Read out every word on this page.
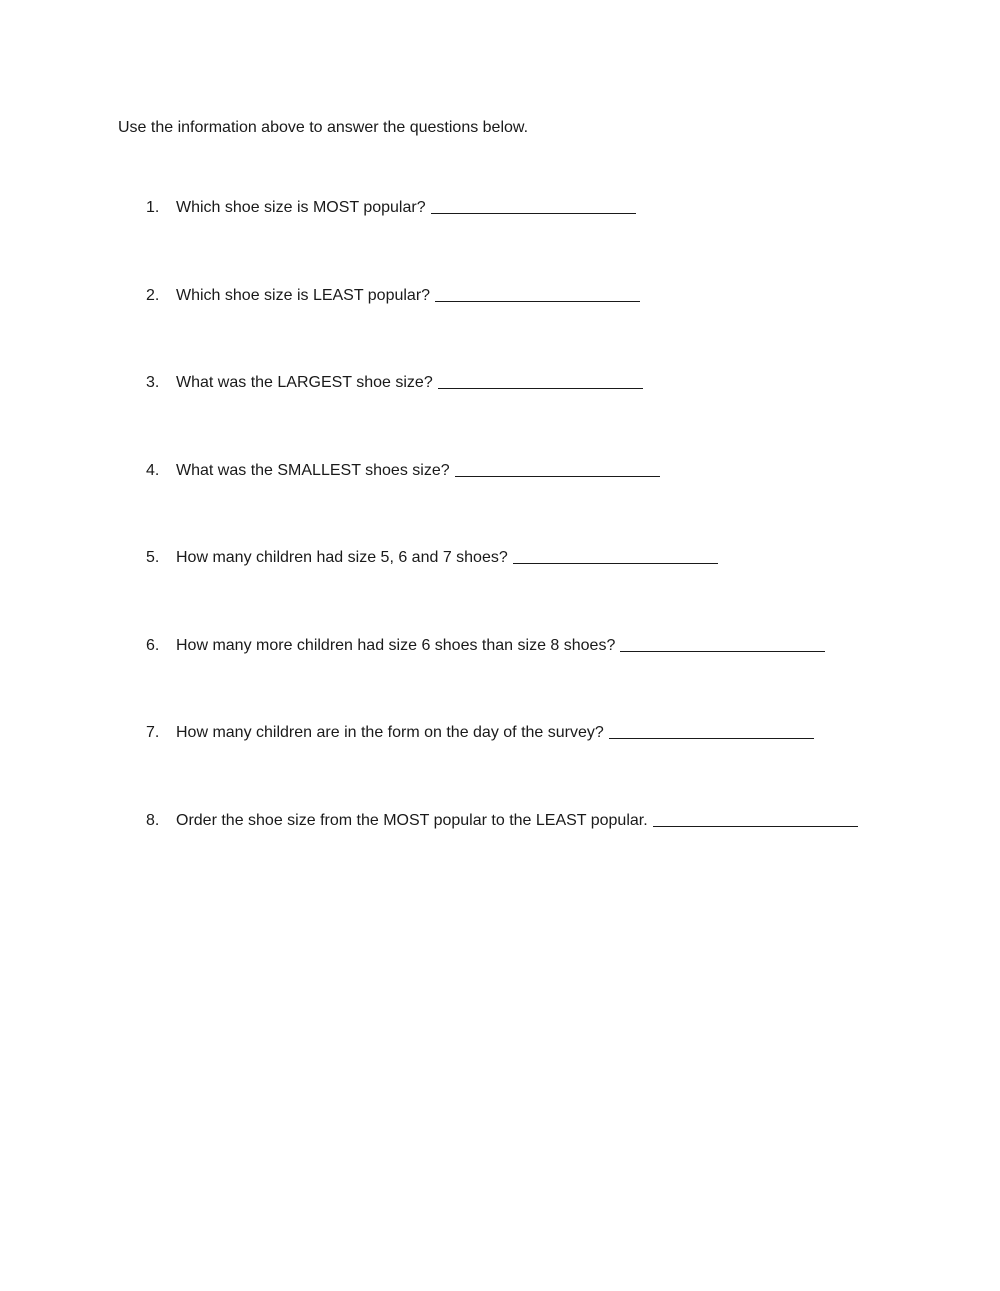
Use the information above to answer the questions below.
1.	Which shoe size is MOST popular?
2.	Which shoe size is LEAST popular?
3.	What was the LARGEST shoe size?
4.	What was the SMALLEST shoes size?
5.	How many children had size 5, 6 and 7 shoes?
6.	How many more children had size 6 shoes than size 8 shoes?
7.	How many children are in the form on the day of the survey?
8.	Order the shoe size from the MOST popular to the LEAST popular.
